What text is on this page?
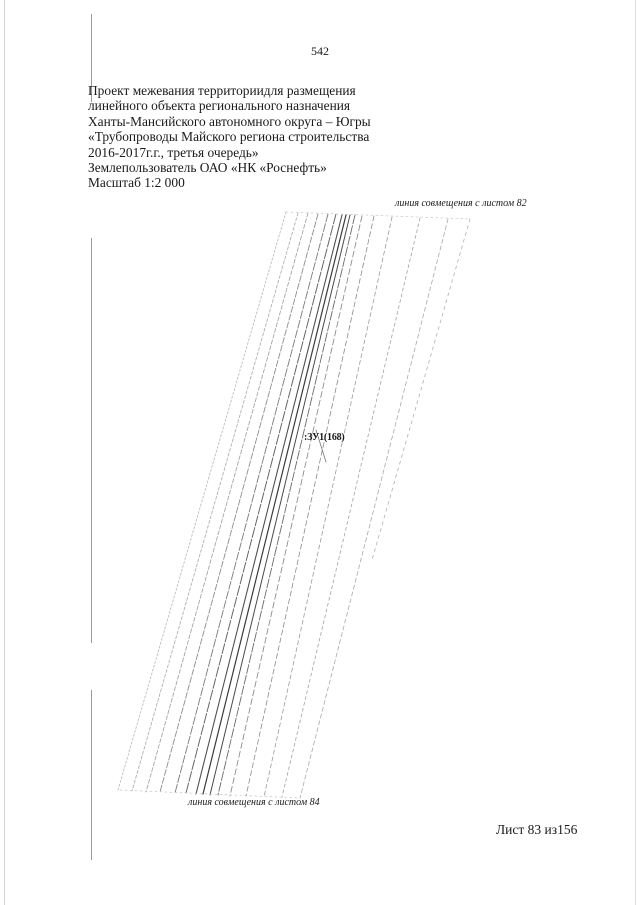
542
Проект межевания территориидля размещения
линейного объекта регионального назначения
Ханты-Мансийского автономного округа – Югры
«Трубопроводы Майского региона строительства
2016-2017г.г., третья очередь»
Землепользователь ОАО «НК «Роснефть»
Масштаб 1:2 000
линия совмещения с листом 82
:ЗУ1(168)
линия совмещения с листом 84
Лист 83 из156
